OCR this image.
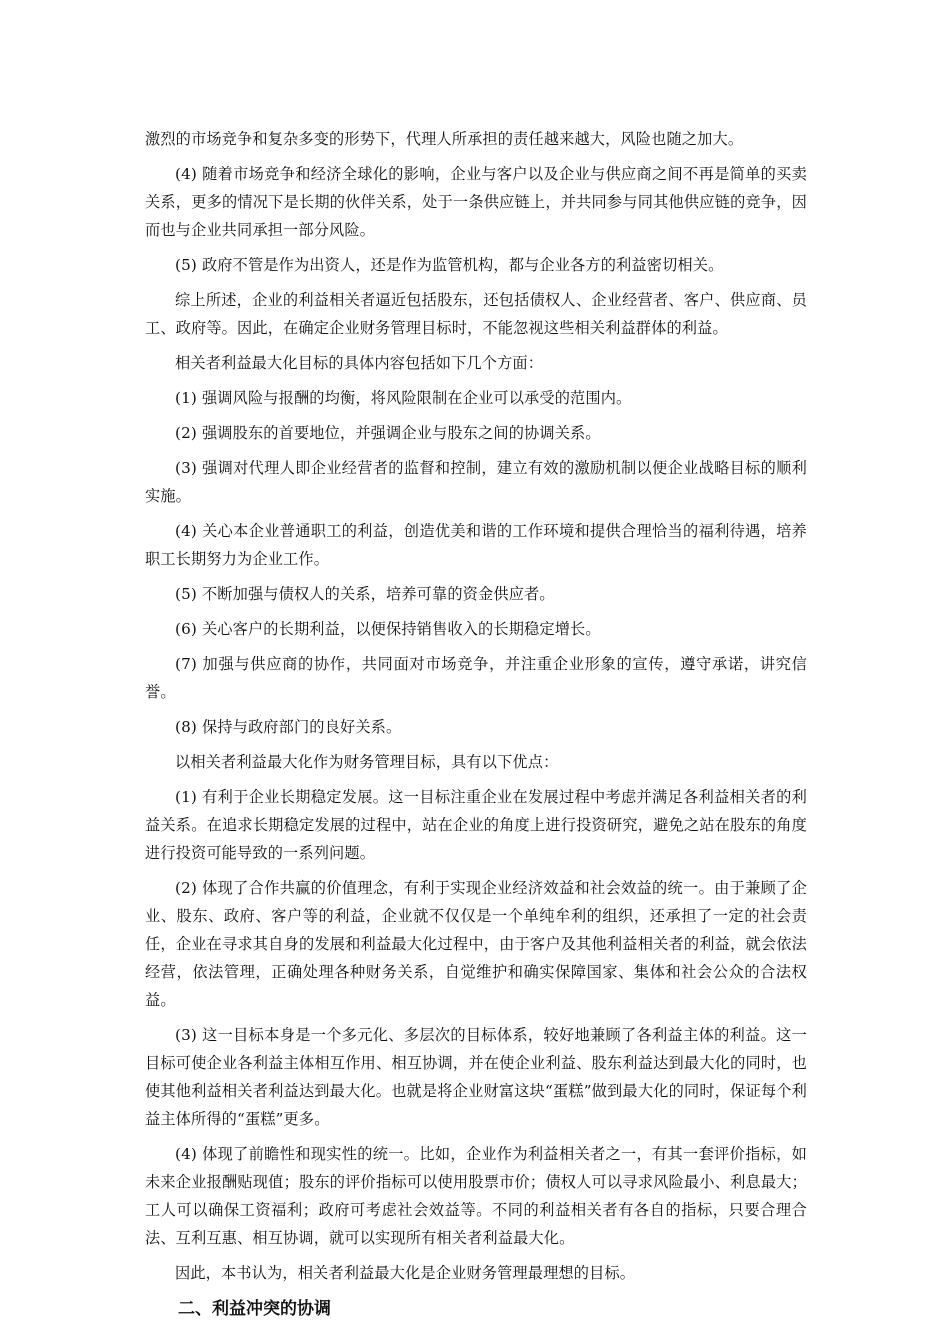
激烈的市场竞争和复杂多变的形势下，代理人所承担的责任越来越大，风险也随之加大。

(4) 随着市场竞争和经济全球化的影响，企业与客户以及企业与供应商之间不再是简单的买卖关系，更多的情况下是长期的伙伴关系，处于一条供应链上，并共同参与同其他供应链的竞争，因而也与企业共同承担一部分风险。

(5) 政府不管是作为出资人，还是作为监管机构，都与企业各方的利益密切相关。

综上所述，企业的利益相关者逼近包括股东，还包括债权人、企业经营者、客户、供应商、员工、政府等。因此，在确定企业财务管理目标时，不能忽视这些相关利益群体的利益。

相关者利益最大化目标的具体内容包括如下几个方面：

(1) 强调风险与报酬的均衡，将风险限制在企业可以承受的范围内。

(2) 强调股东的首要地位，并强调企业与股东之间的协调关系。

(3) 强调对代理人即企业经营者的监督和控制，建立有效的激励机制以便企业战略目标的顺利实施。

(4) 关心本企业普通职工的利益，创造优美和谐的工作环境和提供合理恰当的福利待遇，培养职工长期努力为企业工作。

(5) 不断加强与债权人的关系，培养可靠的资金供应者。

(6) 关心客户的长期利益，以便保持销售收入的长期稳定增长。

(7) 加强与供应商的协作，共同面对市场竞争，并注重企业形象的宣传，遵守承诺，讲究信誉。

(8) 保持与政府部门的良好关系。

以相关者利益最大化作为财务管理目标，具有以下优点：

(1) 有利于企业长期稳定发展。这一目标注重企业在发展过程中考虑并满足各利益相关者的利益关系。在追求长期稳定发展的过程中，站在企业的角度上进行投资研究，避免之站在股东的角度进行投资可能导致的一系列问题。

(2) 体现了合作共赢的价值理念，有利于实现企业经济效益和社会效益的统一。由于兼顾了企业、股东、政府、客户等的利益，企业就不仅仅是一个单纯牟利的组织，还承担了一定的社会责任，企业在寻求其自身的发展和利益最大化过程中，由于客户及其他利益相关者的利益，就会依法经营，依法管理，正确处理各种财务关系，自觉维护和确实保障国家、集体和社会公众的合法权益。

(3) 这一目标本身是一个多元化、多层次的目标体系，较好地兼顾了各利益主体的利益。这一目标可使企业各利益主体相互作用、相互协调，并在使企业利益、股东利益达到最大化的同时，也使其他利益相关者利益达到最大化。也就是将企业财富这块“蛋糕”做到最大化的同时，保证每个利益主体所得的“蛋糕”更多。

(4) 体现了前瞻性和现实性的统一。比如，企业作为利益相关者之一，有其一套评价指标，如未来企业报酬贴现值；股东的评价指标可以使用股票市价；债权人可以寻求风险最小、利息最大；工人可以确保工资福利；政府可考虑社会效益等。不同的利益相关者有各自的指标，只要合理合法、互利互惠、相互协调，就可以实现所有相关者利益最大化。

因此，本书认为，相关者利益最大化是企业财务管理最理想的目标。

二、利益冲突的协调
